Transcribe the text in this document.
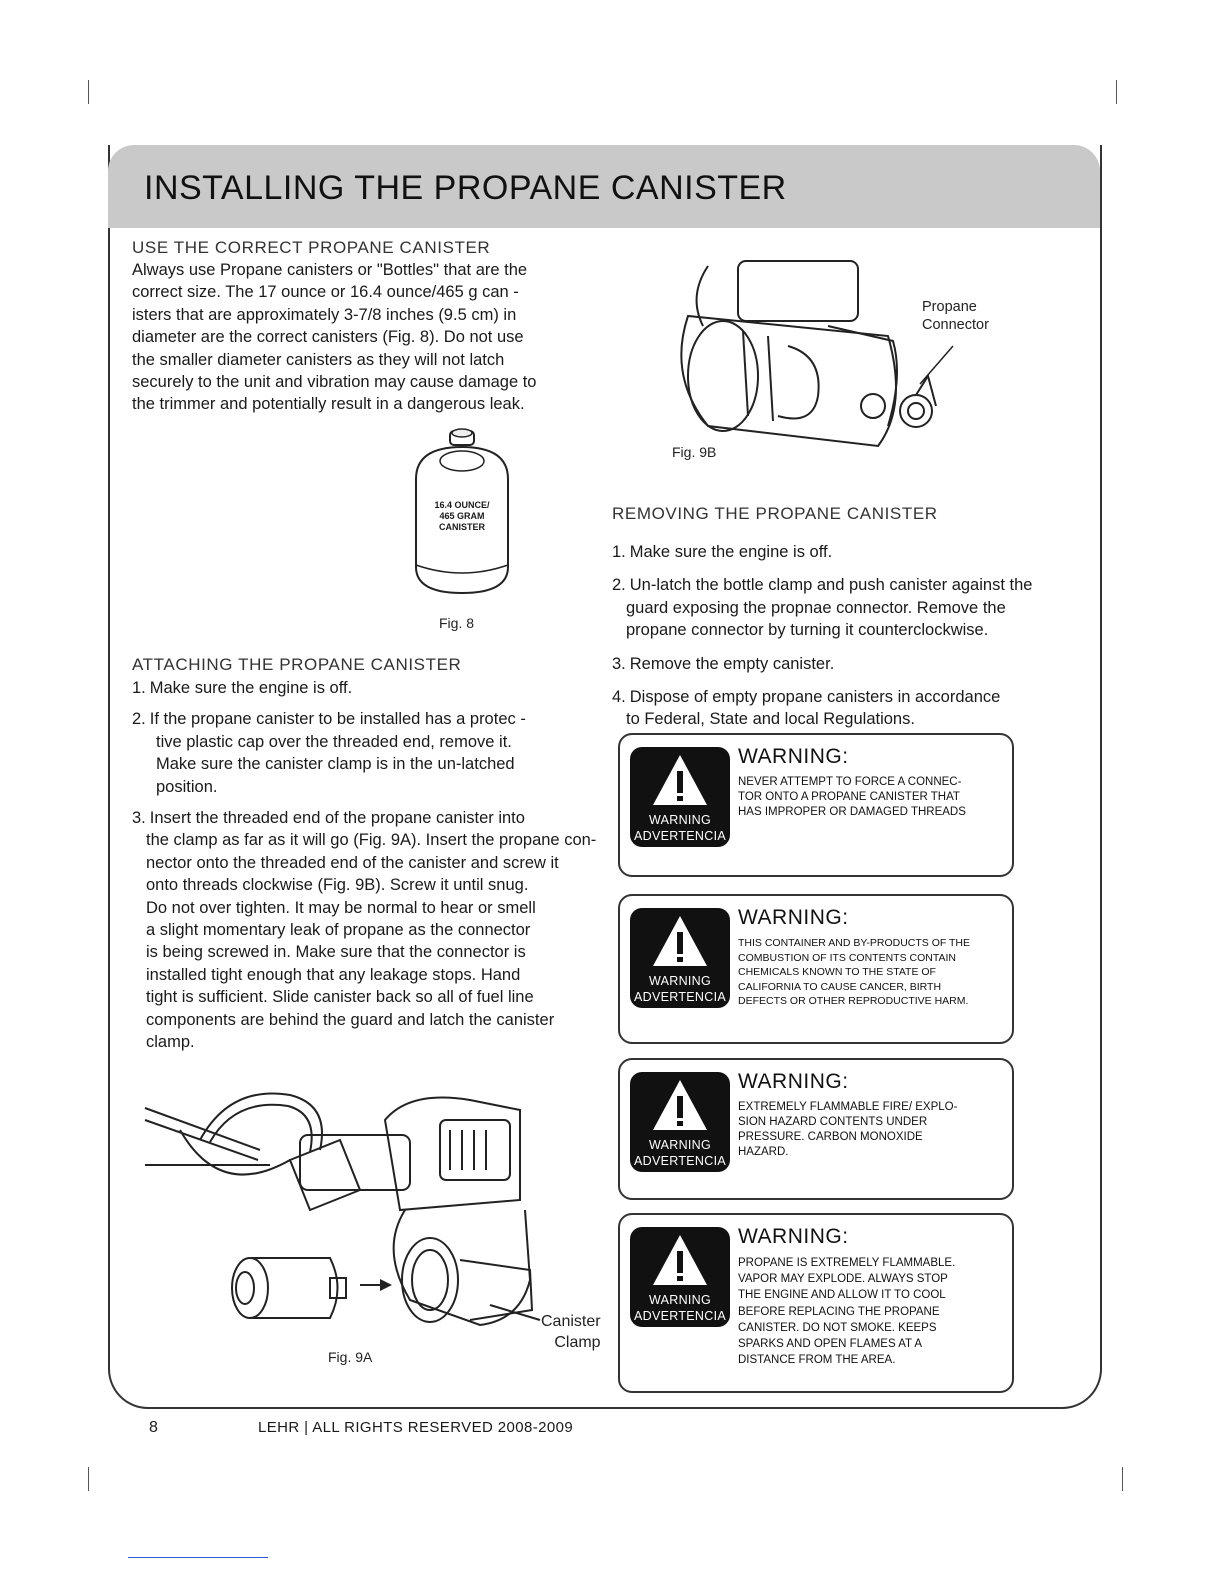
INSTALLING THE PROPANE CANISTER
USE THE CORRECT PROPANE CANISTER
Always use Propane canisters or "Bottles" that are the
correct size. The 17 ounce or 16.4 ounce/465 g can -
isters that are approximately 3-7/8 inches (9.5 cm) in
diameter are the correct canisters (Fig. 8). Do not use
the smaller diameter canisters as they will not latch
securely to the unit and vibration may cause damage to
the trimmer and potentially result in a dangerous leak.
16.4 OUNCE/
465 GRAM
CANISTER
Fig. 8
ATTACHING THE PROPANE CANISTER
1. Make sure the engine is off.
2. If the propane canister to be installed has a protec -
tive plastic cap over the threaded end, remove it.
Make sure the canister clamp is in the un-latched
position.
3. Insert the threaded end of the propane canister into
the clamp as far as it will go (Fig. 9A). Insert the propane con-
nector onto the threaded end of the canister and screw it
onto threads clockwise (Fig. 9B). Screw it until snug.
Do not over tighten. It may be normal to hear or smell
a slight momentary leak of propane as the connector
is being screwed in. Make sure that the connector is
installed tight enough that any leakage stops. Hand
tight is sufficient. Slide canister back so all of fuel line
components are behind the guard and latch the canister
clamp.
Canister
Clamp
Fig. 9A
Propane
Connector
Fig. 9B
REMOVING THE PROPANE CANISTER
1. Make sure the engine is off.
2. Un-latch the bottle clamp and push canister against the
guard exposing the propnae connector. Remove the
propane connector by turning it counterclockwise.
3. Remove the empty canister.
4. Dispose of empty propane canisters in accordance
to Federal, State and local Regulations.
WARNING
ADVERTENCIA
WARNING:
NEVER ATTEMPT TO FORCE A CONNEC-
TOR ONTO A PROPANE CANISTER THAT
HAS IMPROPER OR DAMAGED THREADS
WARNING
ADVERTENCIA
WARNING:
THIS CONTAINER AND BY-PRODUCTS OF THE
COMBUSTION OF ITS CONTENTS CONTAIN
CHEMICALS KNOWN TO THE STATE OF
CALIFORNIA TO CAUSE CANCER, BIRTH
DEFECTS OR OTHER REPRODUCTIVE HARM.
WARNING
ADVERTENCIA
WARNING:
EXTREMELY FLAMMABLE FIRE/ EXPLO-
SION HAZARD CONTENTS UNDER
PRESSURE. CARBON MONOXIDE
HAZARD.
WARNING
ADVERTENCIA
WARNING:
PROPANE IS EXTREMELY FLAMMABLE.
VAPOR MAY EXPLODE. ALWAYS STOP
THE ENGINE AND ALLOW IT TO COOL
BEFORE REPLACING THE PROPANE
CANISTER. DO NOT SMOKE. KEEPS
SPARKS AND OPEN FLAMES AT A
DISTANCE FROM THE AREA.
8	LEHR | ALL RIGHTS RESERVED 2008-2009
